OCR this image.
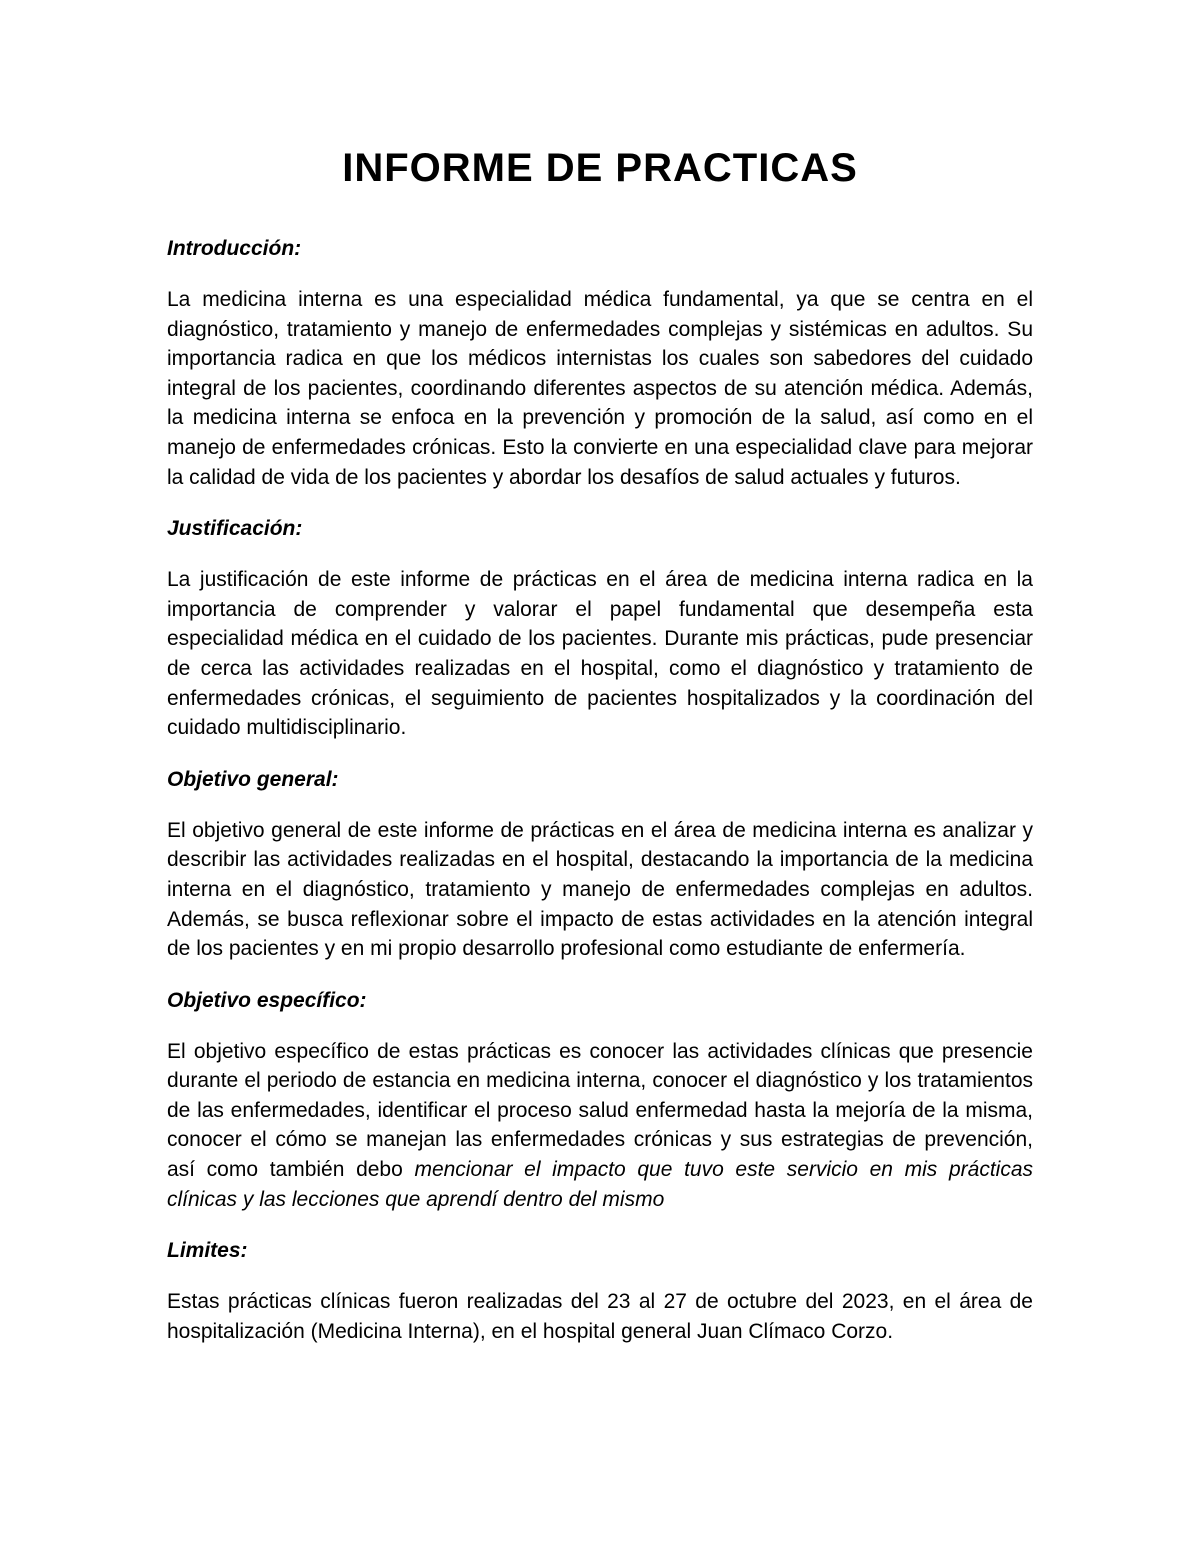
INFORME DE PRACTICAS
Introducción:

La medicina interna es una especialidad médica fundamental, ya que se centra en el diagnóstico, tratamiento y manejo de enfermedades complejas y sistémicas en adultos. Su importancia radica en que los médicos internistas los cuales son sabedores del cuidado integral de los pacientes, coordinando diferentes aspectos de su atención médica. Además, la medicina interna se enfoca en la prevención y promoción de la salud, así como en el manejo de enfermedades crónicas. Esto la convierte en una especialidad clave para mejorar la calidad de vida de los pacientes y abordar los desafíos de salud actuales y futuros.

Justificación:

La justificación de este informe de prácticas en el área de medicina interna radica en la importancia de comprender y valorar el papel fundamental que desempeña esta especialidad médica en el cuidado de los pacientes. Durante mis prácticas, pude presenciar de cerca las actividades realizadas en el hospital, como el diagnóstico y tratamiento de enfermedades crónicas, el seguimiento de pacientes hospitalizados y la coordinación del cuidado multidisciplinario.

Objetivo general:

El objetivo general de este informe de prácticas en el área de medicina interna es analizar y describir las actividades realizadas en el hospital, destacando la importancia de la medicina interna en el diagnóstico, tratamiento y manejo de enfermedades complejas en adultos. Además, se busca reflexionar sobre el impacto de estas actividades en la atención integral de los pacientes y en mi propio desarrollo profesional como estudiante de enfermería.

Objetivo específico:

El objetivo específico de estas prácticas es conocer las actividades clínicas que presencie durante el periodo de estancia en medicina interna, conocer el diagnóstico y los tratamientos de las enfermedades, identificar el proceso salud enfermedad hasta la mejoría de la misma, conocer el cómo se manejan las enfermedades crónicas y sus estrategias de prevención, así como también debo mencionar el impacto que tuvo este servicio en mis prácticas clínicas y las lecciones que aprendí dentro del mismo

Limites:

Estas prácticas clínicas fueron realizadas del 23 al 27 de octubre del 2023, en el área de hospitalización (Medicina Interna), en el hospital general Juan Clímaco Corzo.
